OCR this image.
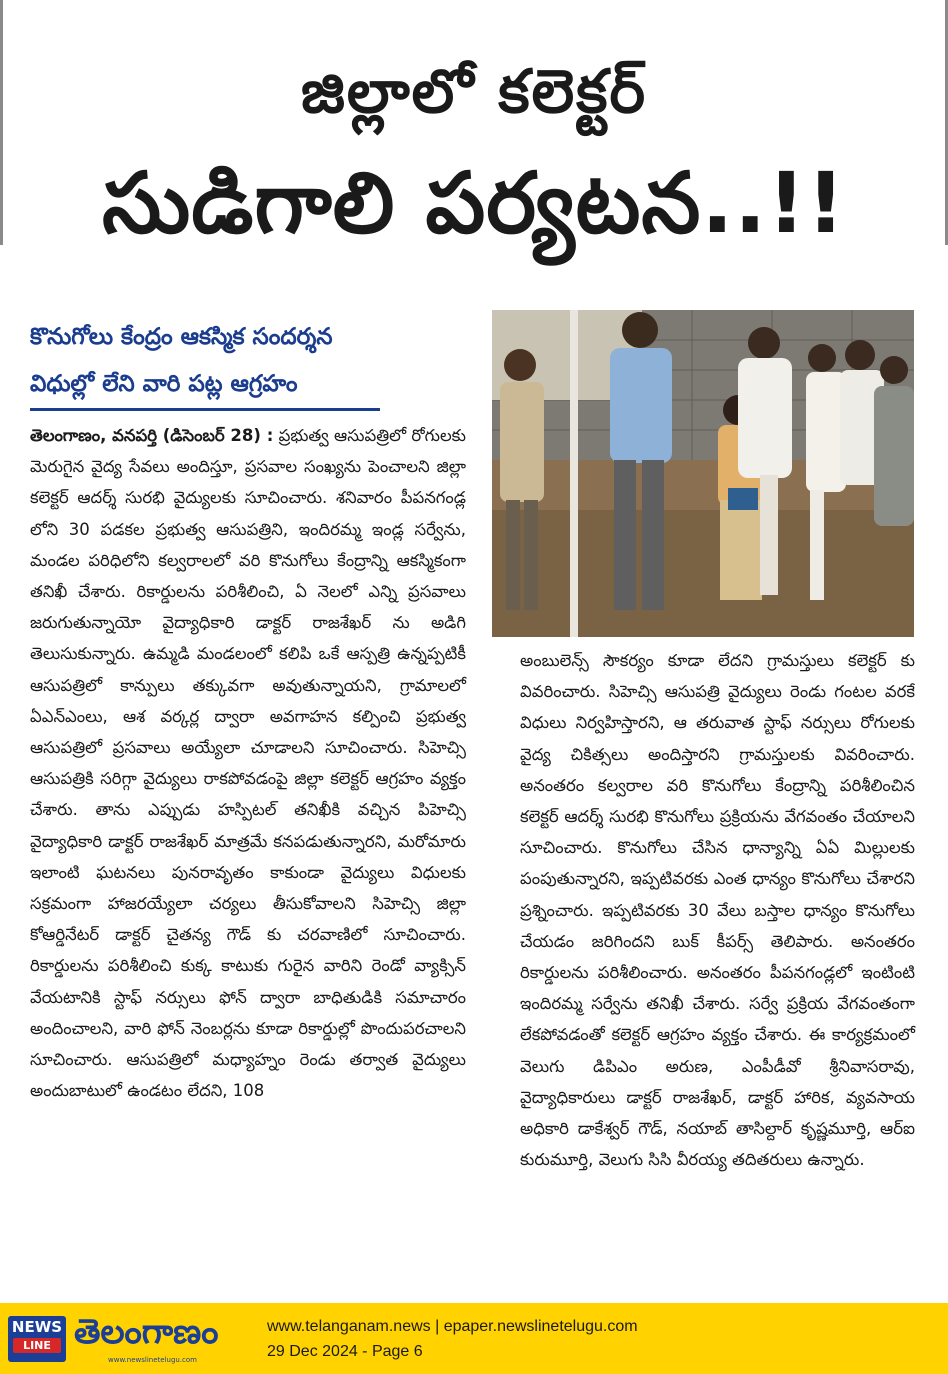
జిల్లాలో కలెక్టర్
సుడిగాలి పర్యటన..!!
కొనుగోలు కేంద్రం ఆకస్మిక సందర్శన
విధుల్లో లేని వారి పట్ల ఆగ్రహం

తెలంగాణం, వనపర్తి (డిసెంబర్ 28) : ప్రభుత్వ ఆసుపత్రిలో రోగులకు మెరుగైన వైద్య సేవలు అందిస్తూ, ప్రసవాల సంఖ్యను పెంచాలని జిల్లా కలెక్టర్ ఆదర్శ్ సురభి వైద్యులకు సూచించారు. శనివారం పీపనగండ్ల లోని 30 పడకల ప్రభుత్వ ఆసుపత్రిని, ఇందిరమ్మ ఇండ్ల సర్వేను, మండల పరిధిలోని కల్వరాలలో వరి కొనుగోలు కేంద్రాన్ని ఆకస్మికంగా తనిఖీ చేశారు. రికార్డులను పరిశీలించి, ఏ నెలలో ఎన్ని ప్రసవాలు జరుగుతున్నాయో వైద్యాధికారి డాక్టర్ రాజశేఖర్ ను అడిగి తెలుసుకున్నారు. ఉమ్మడి మండలంలో కలిపి ఒకే ఆస్పత్రి ఉన్నప్పటికీ ఆసుపత్రిలో కాన్పులు తక్కువగా అవుతున్నాయని, గ్రామాలలో ఏఎన్ఎంలు, ఆశ వర్కర్ల ద్వారా అవగాహన కల్పించి ప్రభుత్వ ఆసుపత్రిలో ప్రసవాలు అయ్యేలా చూడాలని సూచించారు. సిహెచ్సి ఆసుపత్రికి సరిగ్గా వైద్యులు రాకపోవడంపై జిల్లా కలెక్టర్ ఆగ్రహం వ్యక్తం చేశారు. తాను ఎప్పుడు హస్పిటల్ తనిఖీకి వచ్చిన పిహెచ్సి వైద్యాధికారి డాక్టర్ రాజశేఖర్ మాత్రమే కనపడుతున్నారని, మరోమారు ఇలాంటి ఘటనలు పునరావృతం కాకుండా వైద్యులు విధులకు సక్రమంగా హాజరయ్యేలా చర్యలు తీసుకోవాలని సిహెచ్సి జిల్లా కోఆర్డినేటర్ డాక్టర్ చైతన్య గౌడ్ కు చరవాణిలో సూచించారు. రికార్డులను పరిశీలించి కుక్క కాటుకు గురైన వారిని రెండో వ్యాక్సిన్ వేయటానికి స్టాఫ్ నర్సులు ఫోన్ ద్వారా బాధితుడికి సమాచారం అందించాలని, వారి ఫోన్ నెంబర్లను కూడా రికార్డుల్లో పొందుపరచాలని సూచించారు. ఆసుపత్రిలో మధ్యాహ్నం రెండు తర్వాత వైద్యులు అందుబాటులో ఉండటం లేదని, 108

అంబులెన్స్ సౌకర్యం కూడా లేదని గ్రామస్తులు కలెక్టర్ కు వివరించారు. సిహెచ్సి ఆసుపత్రి వైద్యులు రెండు గంటల వరకే విధులు నిర్వహిస్తారని, ఆ తరువాత స్టాఫ్ నర్సులు రోగులకు వైద్య చికిత్సలు అందిస్తారని గ్రామస్తులకు వివరించారు. అనంతరం కల్వరాల వరి కొనుగోలు కేంద్రాన్ని పరిశీలించిన కలెక్టర్ ఆదర్శ్ సురభి కొనుగోలు ప్రక్రియను వేగవంతం చేయాలని సూచించారు. కొనుగోలు చేసిన ధాన్యాన్ని ఏఏ మిల్లులకు పంపుతున్నారని, ఇప్పటివరకు ఎంత ధాన్యం కొనుగోలు చేశారని ప్రశ్నించారు. ఇప్పటివరకు 30 వేలు బస్తాల ధాన్యం కొనుగోలు చేయడం జరిగిందని బుక్ కీపర్స్ తెలిపారు. అనంతరం రికార్డులను పరిశీలించారు. అనంతరం పీపనగండ్లలో ఇంటింటి ఇందిరమ్మ సర్వేను తనిఖీ చేశారు. సర్వే ప్రక్రియ వేగవంతంగా లేకపోవడంతో కలెక్టర్ ఆగ్రహం వ్యక్తం చేశారు. ఈ కార్యక్రమంలో వెలుగు డిపిఎం అరుణ, ఎంపీడీవో శ్రీనివాసరావు, వైద్యాధికారులు డాక్టర్ రాజశేఖర్, డాక్టర్ హారిక, వ్యవసాయ అధికారి డాకేశ్వర్ గౌడ్, నయాబ్ తాసిల్దార్ కృష్ణమూర్తి, ఆర్ఐ కురుమూర్తి, వెలుగు సిసి వీరయ్య తదితరులు ఉన్నారు.

NEWS
LINE తెలంగాణం
www.newslinetelugu.com
www.telanganam.news | epaper.newslinetelugu.com
29 Dec 2024 - Page 6
